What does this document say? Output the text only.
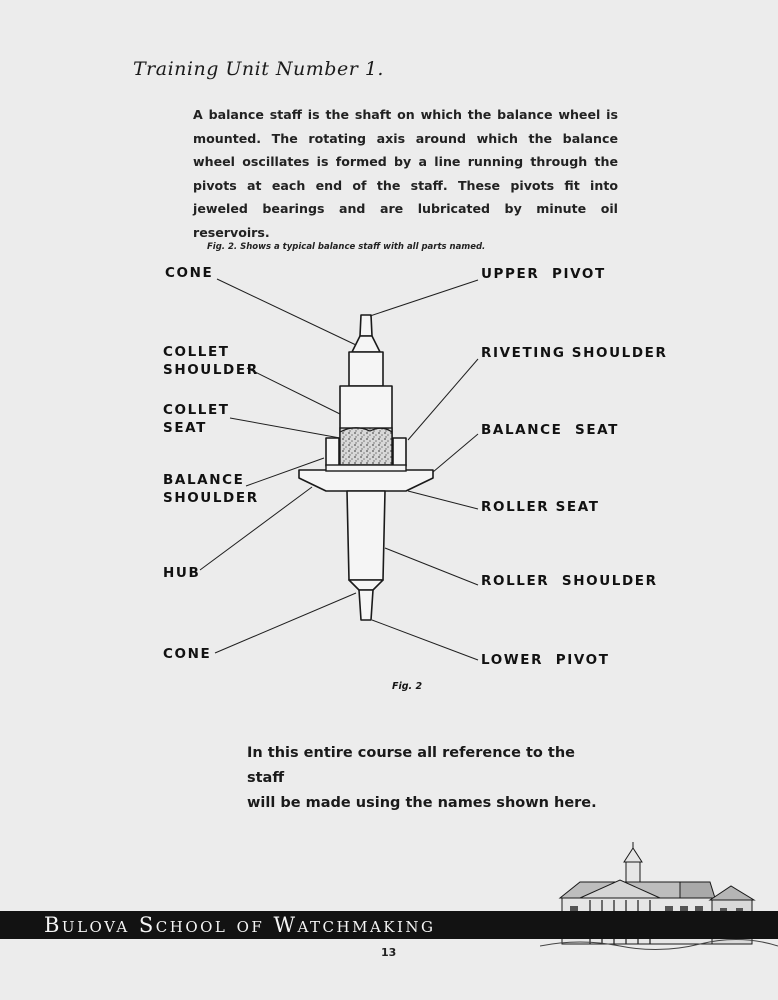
Training Unit Number 1.

A balance staff is the shaft on which the balance wheel is mounted. The rotating axis around which the balance wheel oscillates is formed by a line running through the pivots at each end of the staff. These pivots fit into jeweled bearings and are lubricated by minute oil reservoirs.

Fig. 2. Shows a typical balance staff with all parts named.
CONE
COLLET
SHOULDER
COLLET
SEAT
BALANCE
SHOULDER
HUB
CONE
UPPER  PIVOT
RIVETING SHOULDER
BALANCE  SEAT
ROLLER SEAT
ROLLER  SHOULDER
LOWER  PIVOT
Fig. 2
In this entire course all reference to the staff
will be made using the names shown here.
Bulova School of Watchmaking
13
